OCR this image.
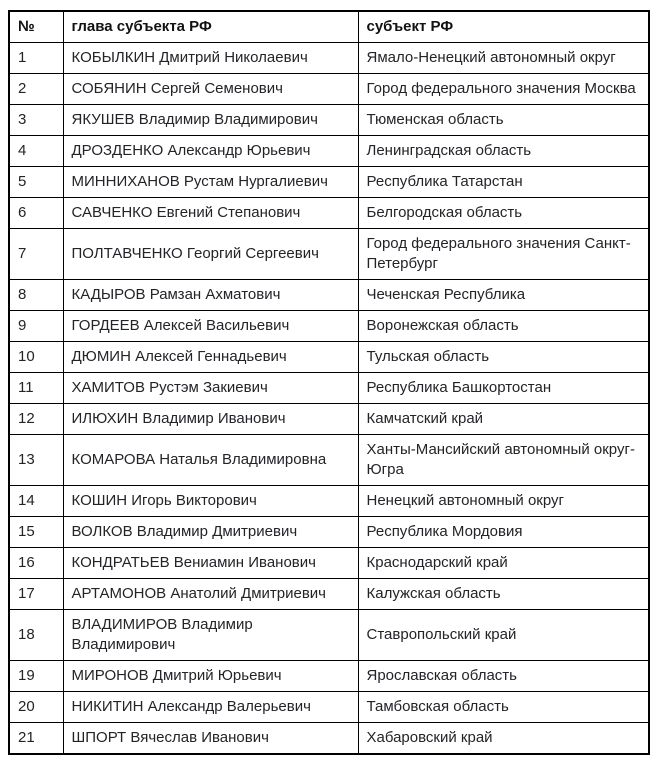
№	глава субъекта РФ	субъект РФ
1	КОБЫЛКИН Дмитрий Николаевич	Ямало-Ненецкий автономный округ
2	СОБЯНИН Сергей Семенович	Город федерального значения Москва
3	ЯКУШЕВ Владимир Владимирович	Тюменская область
4	ДРОЗДЕНКО Александр Юрьевич	Ленинградская область
5	МИННИХАНОВ Рустам Нургалиевич	Республика Татарстан
6	САВЧЕНКО Евгений Степанович	Белгородская область
7	ПОЛТАВЧЕНКО Георгий Сергеевич	Город федерального значения Санкт-Петербург
8	КАДЫРОВ Рамзан Ахматович	Чеченская Республика
9	ГОРДЕЕВ Алексей Васильевич	Воронежская область
10	ДЮМИН Алексей Геннадьевич	Тульская область
11	ХАМИТОВ Рустэм Закиевич	Республика Башкортостан
12	ИЛЮХИН Владимир Иванович	Камчатский край
13	КОМАРОВА Наталья Владимировна	Ханты-Мансийский автономный округ-Югра
14	КОШИН Игорь Викторович	Ненецкий автономный округ
15	ВОЛКОВ Владимир Дмитриевич	Республика Мордовия
16	КОНДРАТЬЕВ Вениамин Иванович	Краснодарский край
17	АРТАМОНОВ Анатолий Дмитриевич	Калужская область
18	ВЛАДИМИРОВ Владимир Владимирович	Ставропольский край
19	МИРОНОВ Дмитрий Юрьевич	Ярославская область
20	НИКИТИН Александр Валерьевич	Тамбовская область
21	ШПОРТ Вячеслав Иванович	Хабаровский край
